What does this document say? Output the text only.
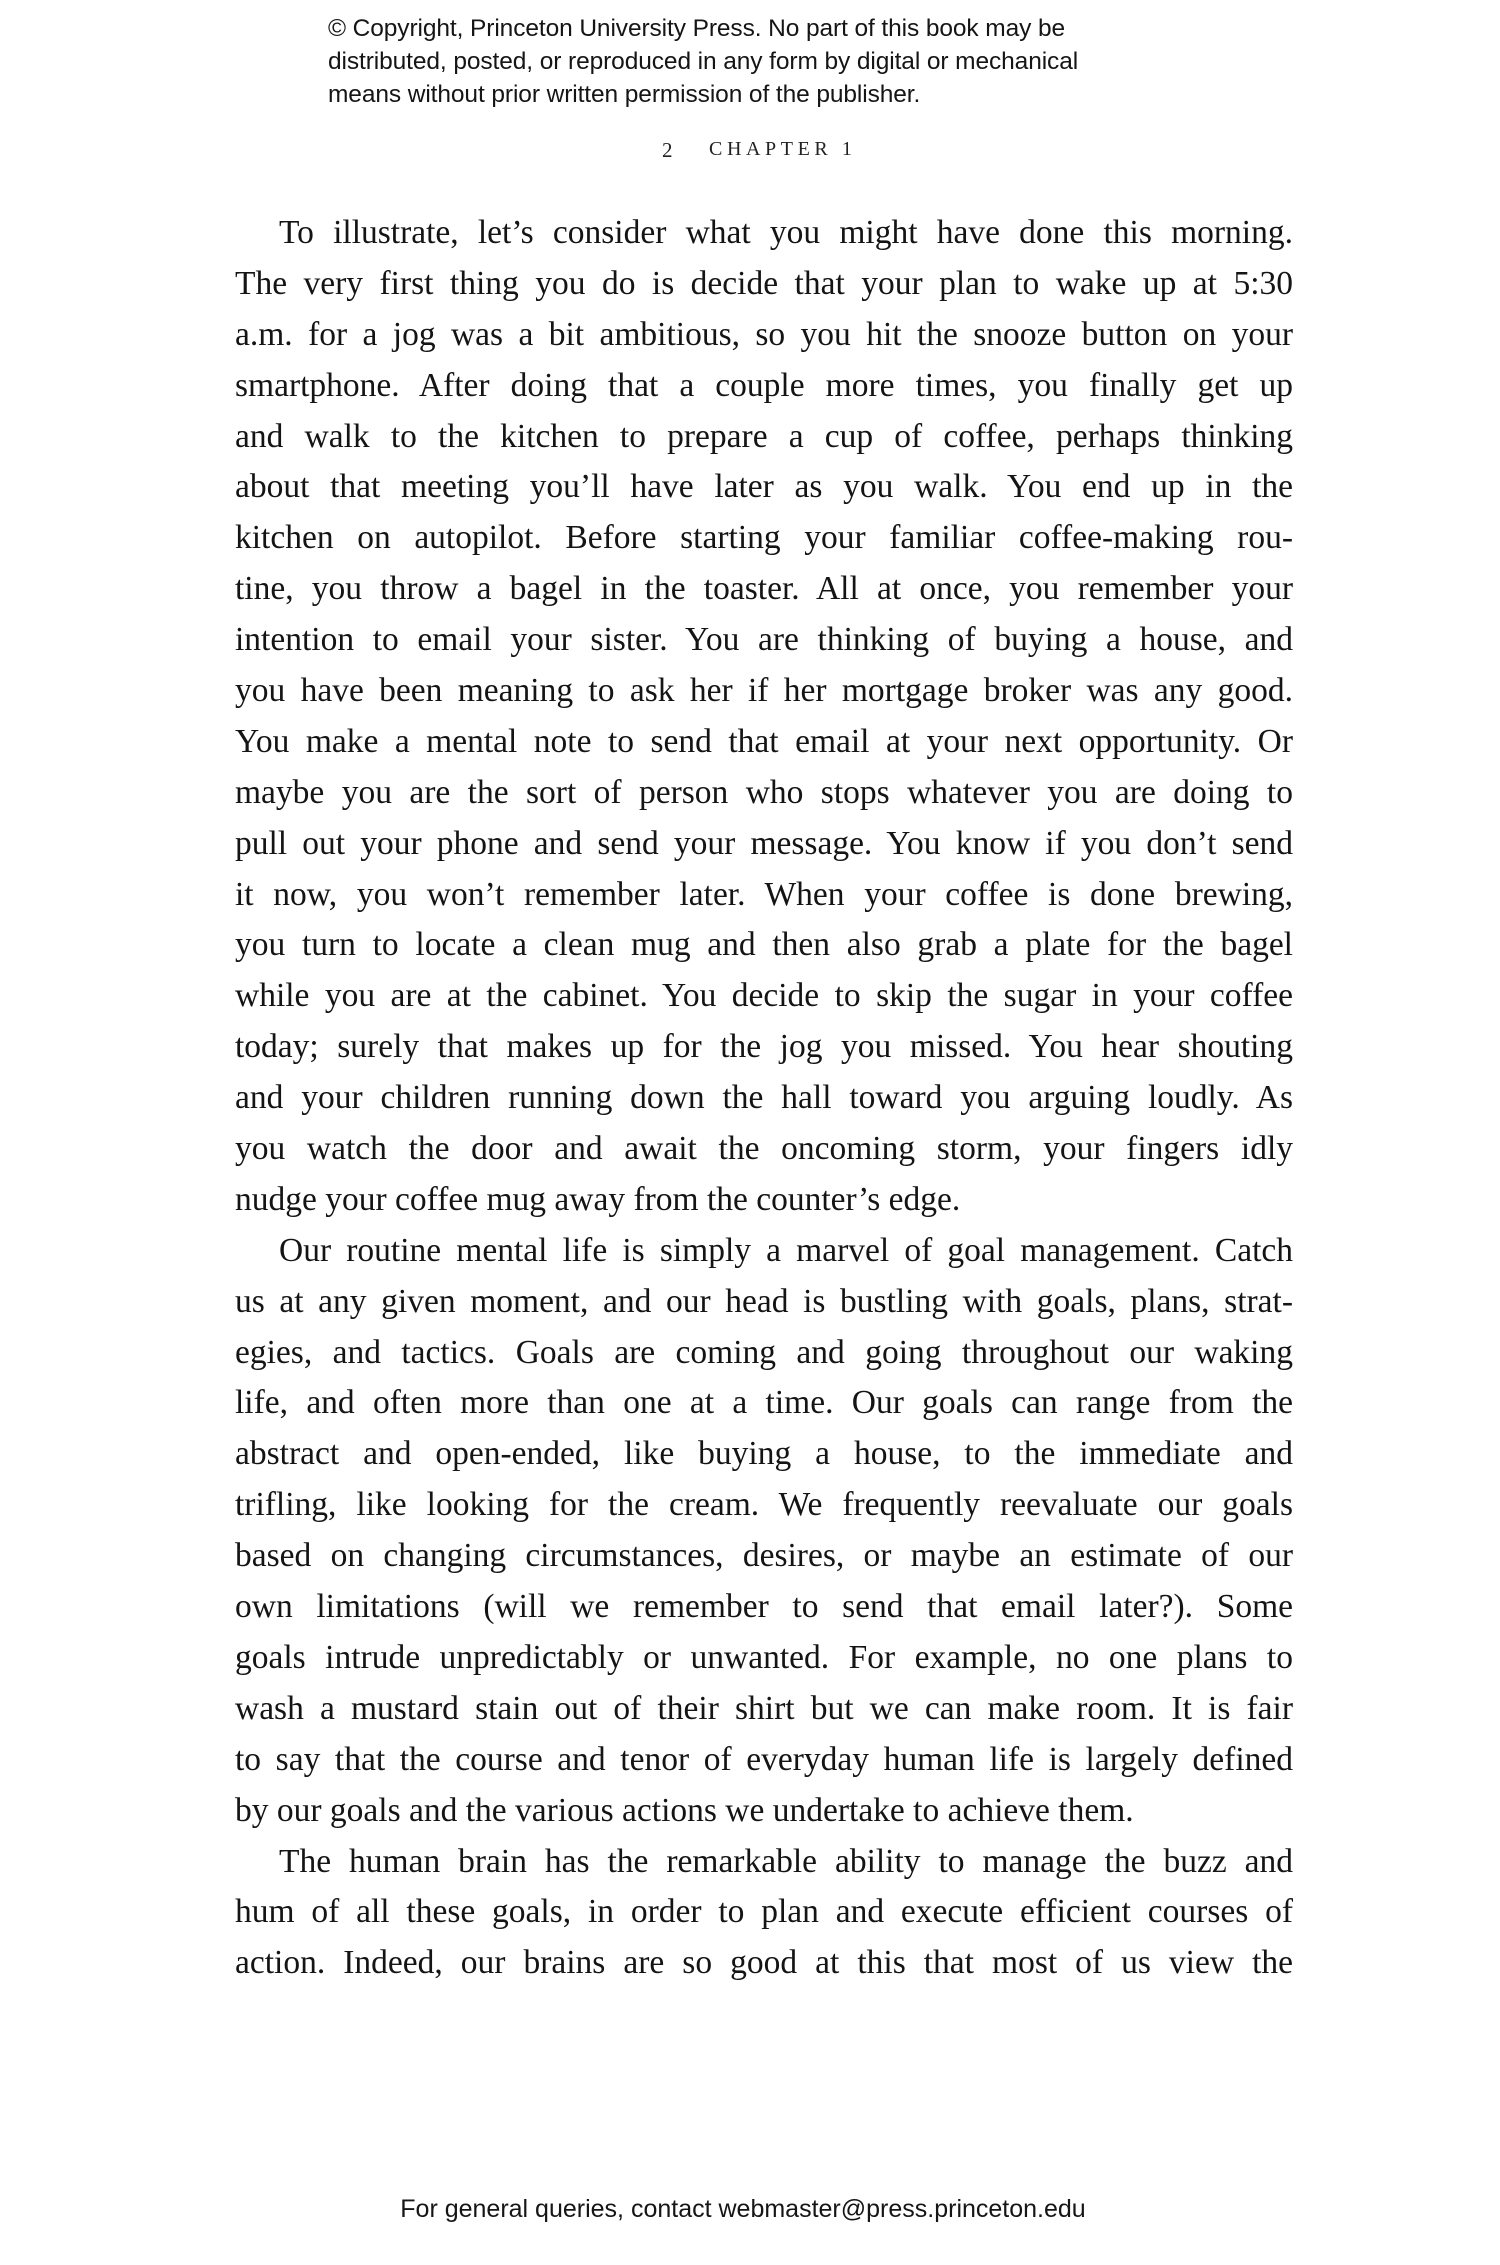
© Copyright, Princeton University Press. No part of this book may be
distributed, posted, or reproduced in any form by digital or mechanical
means without prior written permission of the publisher.
2 CHAPTER 1
To illustrate, let’s consider what you might have done this morning.
The very first thing you do is decide that your plan to wake up at 5:30
a.m. for a jog was a bit ambitious, so you hit the snooze button on your
smartphone. After doing that a couple more times, you finally get up
and walk to the kitchen to prepare a cup of coffee, perhaps thinking
about that meeting you’ll have later as you walk. You end up in the
kitchen on autopilot. Before starting your familiar coffee-making rou-
tine, you throw a bagel in the toaster. All at once, you remember your
intention to email your sister. You are thinking of buying a house, and
you have been meaning to ask her if her mortgage broker was any good.
You make a mental note to send that email at your next opportunity. Or
maybe you are the sort of person who stops whatever you are doing to
pull out your phone and send your message. You know if you don’t send
it now, you won’t remember later. When your coffee is done brewing,
you turn to locate a clean mug and then also grab a plate for the bagel
while you are at the cabinet. You decide to skip the sugar in your coffee
today; surely that makes up for the jog you missed. You hear shouting
and your children running down the hall toward you arguing loudly. As
you watch the door and await the oncoming storm, your fingers idly
nudge your coffee mug away from the counter’s edge.
Our routine mental life is simply a marvel of goal management. Catch
us at any given moment, and our head is bustling with goals, plans, strat-
egies, and tactics. Goals are coming and going throughout our waking
life, and often more than one at a time. Our goals can range from the
abstract and open-ended, like buying a house, to the immediate and
trifling, like looking for the cream. We frequently reevaluate our goals
based on changing circumstances, desires, or maybe an estimate of our
own limitations (will we remember to send that email later?). Some
goals intrude unpredictably or unwanted. For example, no one plans to
wash a mustard stain out of their shirt but we can make room. It is fair
to say that the course and tenor of everyday human life is largely defined
by our goals and the various actions we undertake to achieve them.
The human brain has the remarkable ability to manage the buzz and
hum of all these goals, in order to plan and execute efficient courses of
action. Indeed, our brains are so good at this that most of us view the
For general queries, contact webmaster@press.princeton.edu
